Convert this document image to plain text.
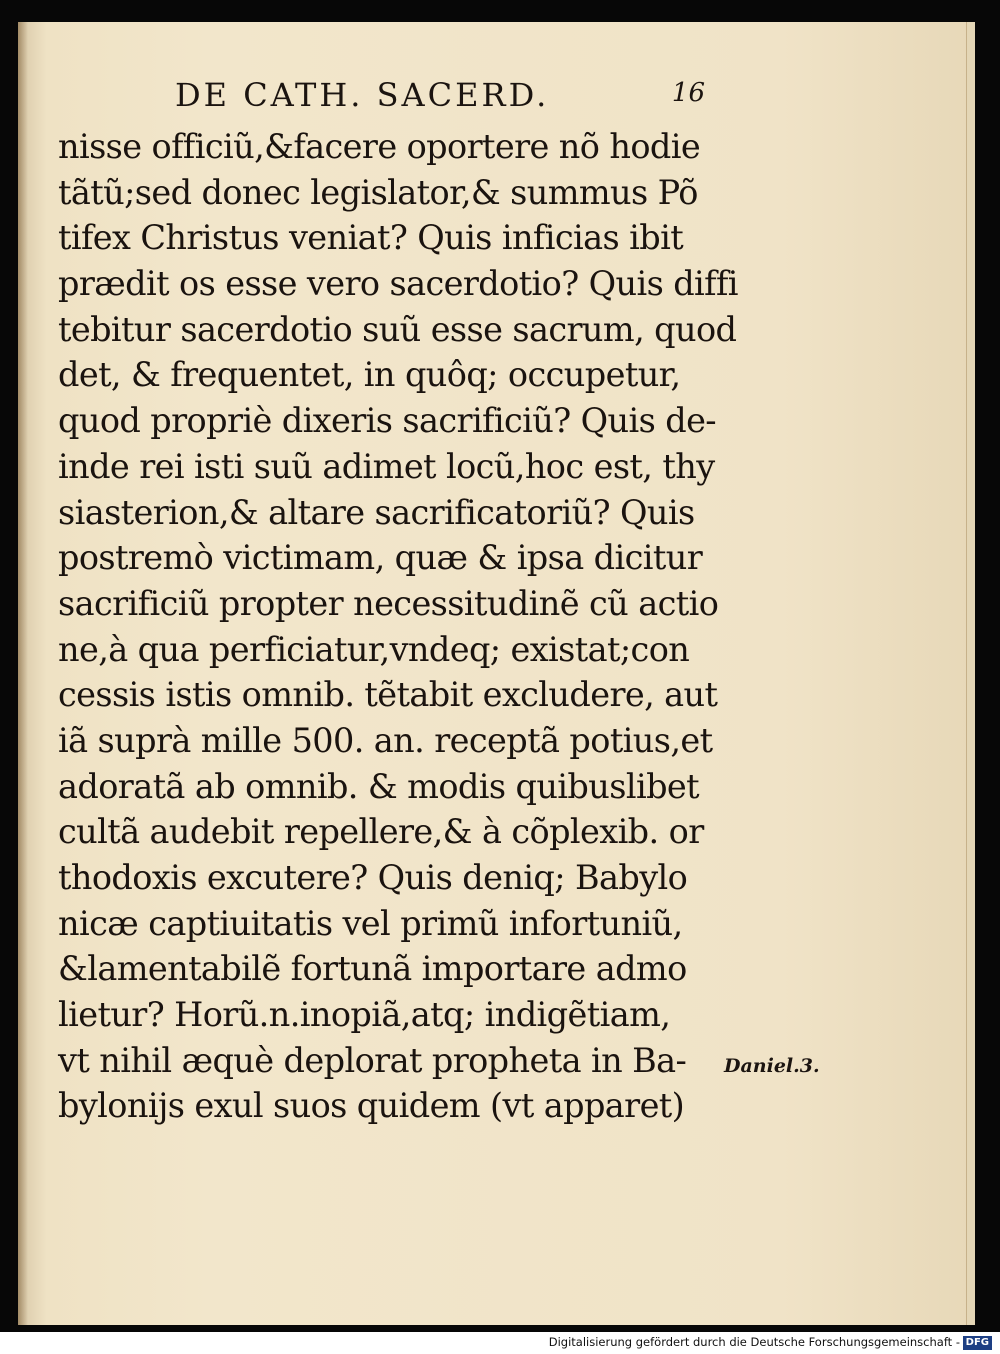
DE CATH. SACERD.	16
nisse officiũ,&facere oportere nõ hodie
tãtũ;sed donec legislator,& summus Põ
tifex Christus veniat? Quis inficias ibit
prædit os esse vero sacerdotio? Quis diffi
tebitur sacerdotio suũ esse sacrum, quod
det, & frequentet, in quôq; occupetur,
quod propriè dixeris sacrificiũ? Quis de-
inde rei isti suũ adimet locũ,hoc est, thy
siasterion,& altare sacrificatoriũ? Quis
postremò victimam, quæ & ipsa dicitur
sacrificiũ propter necessitudinẽ cũ actio
ne,à qua perficiatur,vndeq; existat;con
cessis istis omnib. tẽtabit excludere, aut
iã suprà mille 500. an. receptã potius,et
adoratã ab omnib. & modis quibuslibet
cultã audebit repellere,& à cõplexib. or
thodoxis excutere? Quis deniq; Babylo
nicæ captiuitatis vel primũ infortuniũ,
&lamentabilẽ fortunã importare admo
lietur? Horũ.n.inopiã,atq; indigẽtiam,
vt nihil æquè deplorat propheta in Ba-
bylonijs exul suos quidem (vt apparet)
Daniel.3.
Digitalisierung gefördert durch die Deutsche Forschungsgemeinschaft - DFG
